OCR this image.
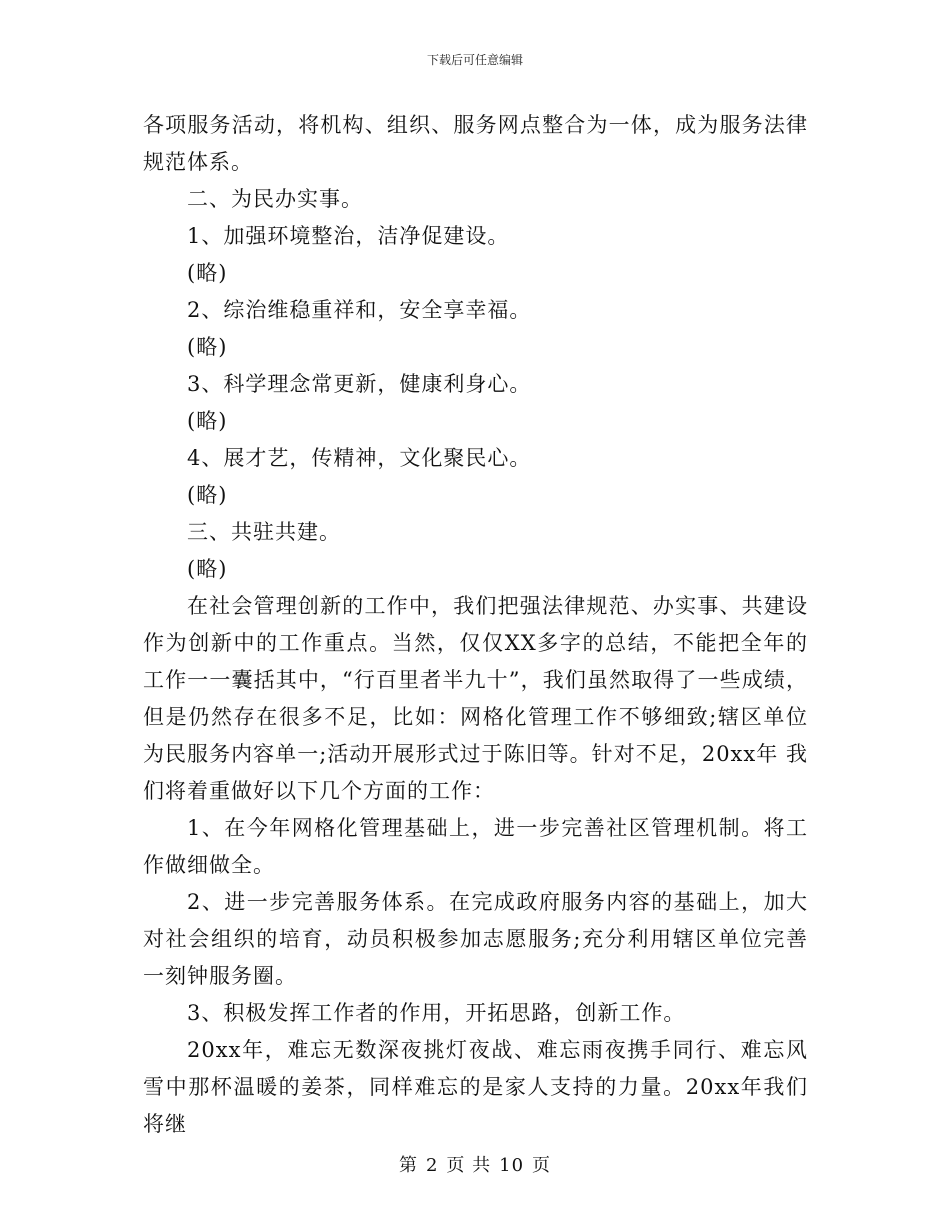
下载后可任意编辑

各项服务活动，将机构、组织、服务网点整合为一体，成为服务法律规范体系。

二、为民办实事。

1、加强环境整治，洁净促建设。

(略)

2、综治维稳重祥和，安全享幸福。

(略)

3、科学理念常更新，健康利身心。

(略)

4、展才艺，传精神，文化聚民心。

(略)

三、共驻共建。

(略)

在社会管理创新的工作中，我们把强法律规范、办实事、共建设作为创新中的工作重点。当然，仅仅XX多字的总结，不能把全年的工作一一囊括其中，“行百里者半九十”，我们虽然取得了一些成绩，但是仍然存在很多不足，比如：网格化管理工作不够细致;辖区单位为民服务内容单一;活动开展形式过于陈旧等。针对不足，20xx年 我们将着重做好以下几个方面的工作：

1、在今年网格化管理基础上，进一步完善社区管理机制。将工作做细做全。

2、进一步完善服务体系。在完成政府服务内容的基础上，加大对社会组织的培育，动员积极参加志愿服务;充分利用辖区单位完善一刻钟服务圈。

3、积极发挥工作者的作用，开拓思路，创新工作。

20xx年，难忘无数深夜挑灯夜战、难忘雨夜携手同行、难忘风雪中那杯温暖的姜茶，同样难忘的是家人支持的力量。20xx年我们将继

第 2 页 共 10 页
